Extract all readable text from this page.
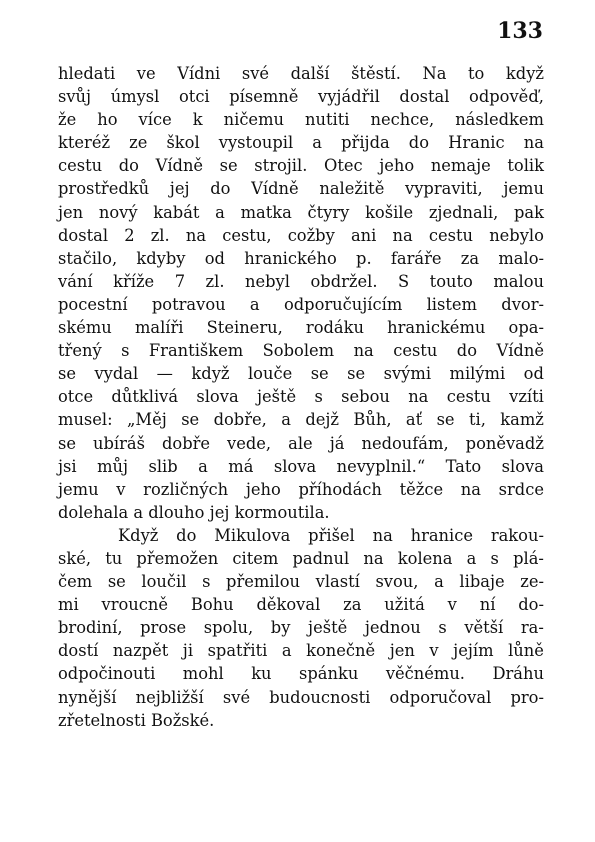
133
hledati ve Vídni své další štěstí. Na to když
svůj úmysl otci písemně vyjádřil dostal odpověď,
že ho více k ničemu nutiti nechce, následkem
kteréž ze škol vystoupil a přijda do Hranic na
cestu do Vídně se strojil. Otec jeho nemaje tolik
prostředků jej do Vídně naležitě vypraviti, jemu
jen nový kabát a matka čtyry košile zjednali, pak
dostal 2 zl. na cestu, cožby ani na cestu nebylo
stačilo, kdyby od hranického p. faráře za malo-
vání kříže 7 zl. nebyl obdržel. S touto malou
pocestní potravou a odporučujícím listem dvor-
skému malíři Steineru, rodáku hranickému opa-
třený s Františkem Sobolem na cestu do Vídně
se vydal — když louče se se svými milými od
otce důtklivá slova ještě s sebou na cestu vzíti
musel: „Měj se dobře, a dejž Bůh, ať se ti, kamž
se ubíráš dobře vede, ale já nedoufám, poněvadž
jsi můj slib a má slova nevyplnil.“ Tato slova
jemu v rozličných jeho příhodách těžce na srdce
dolehala a dlouho jej kormoutila.
Když do Mikulova přišel na hranice rakou-
ské, tu přemožen citem padnul na kolena a s plá-
čem se loučil s přemilou vlastí svou, a libaje ze-
mi vroucně Bohu děkoval za užitá v ní do-
brodiní, prose spolu, by ještě jednou s větší ra-
dostí nazpět ji spatřiti a konečně jen v jejím lůně
odpočinouti mohl ku spánku věčnému. Dráhu
nynější nejbližší své budoucnosti odporučoval pro-
zřetelnosti Božské.
